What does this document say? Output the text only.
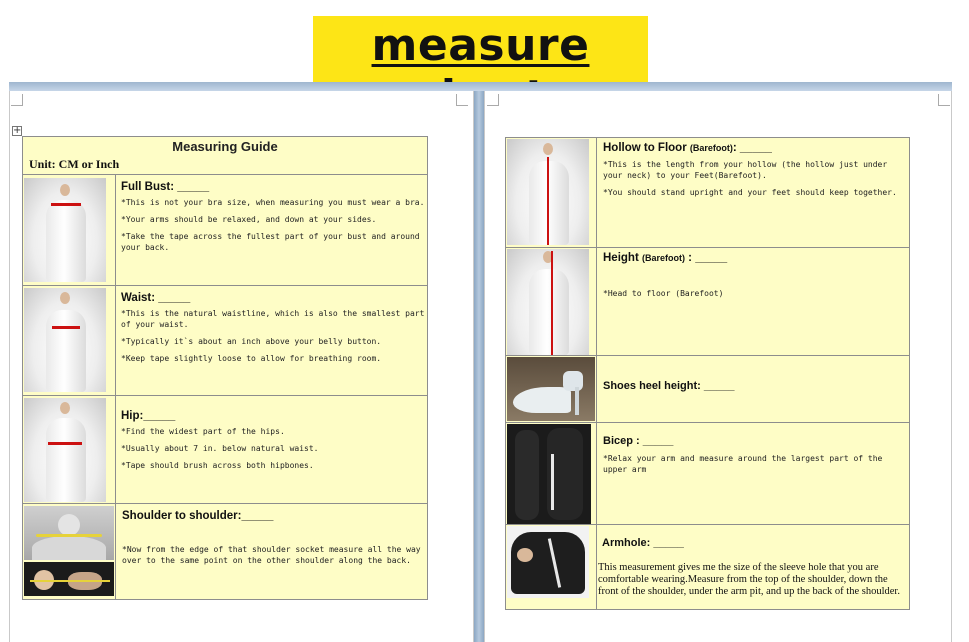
measure
+
Measuring Guide
Unit: CM or Inch
Full Bust: _____

*This is not your bra size, when measuring you must wear a bra.

*Your arms should be relaxed, and down at your sides.

*Take the tape across the fullest part of your bust and around your back.

Waist: _____

*This is the natural waistline, which is also the smallest part of your waist.

*Typically it`s about an inch above your belly button.

*Keep tape slightly loose to allow for breathing room.

Hip:_____

*Find the widest part of the hips.

*Usually about 7 in. below natural waist.

*Tape should brush across both hipbones.

Shoulder to shoulder:_____

*Now from the edge of that shoulder socket measure all the way over to the same point on the other shoulder along the back.

Hollow to Floor (Barefoot): _____

*This is the length from your hollow (the hollow just under your neck) to your Feet(Barefoot).

*You should stand upright and your feet should keep together.

Height (Barefoot) : _____

*Head to floor (Barefoot)

Shoes heel height: _____
Bicep : _____

*Relax your arm and measure around the largest part of the upper arm

Armhole: _____
This measurement gives me the size of the sleeve hole that you are comfortable wearing.Measure from the top of the shoulder, down the front of the shoulder, under the arm pit, and up the back of the shoulder.
